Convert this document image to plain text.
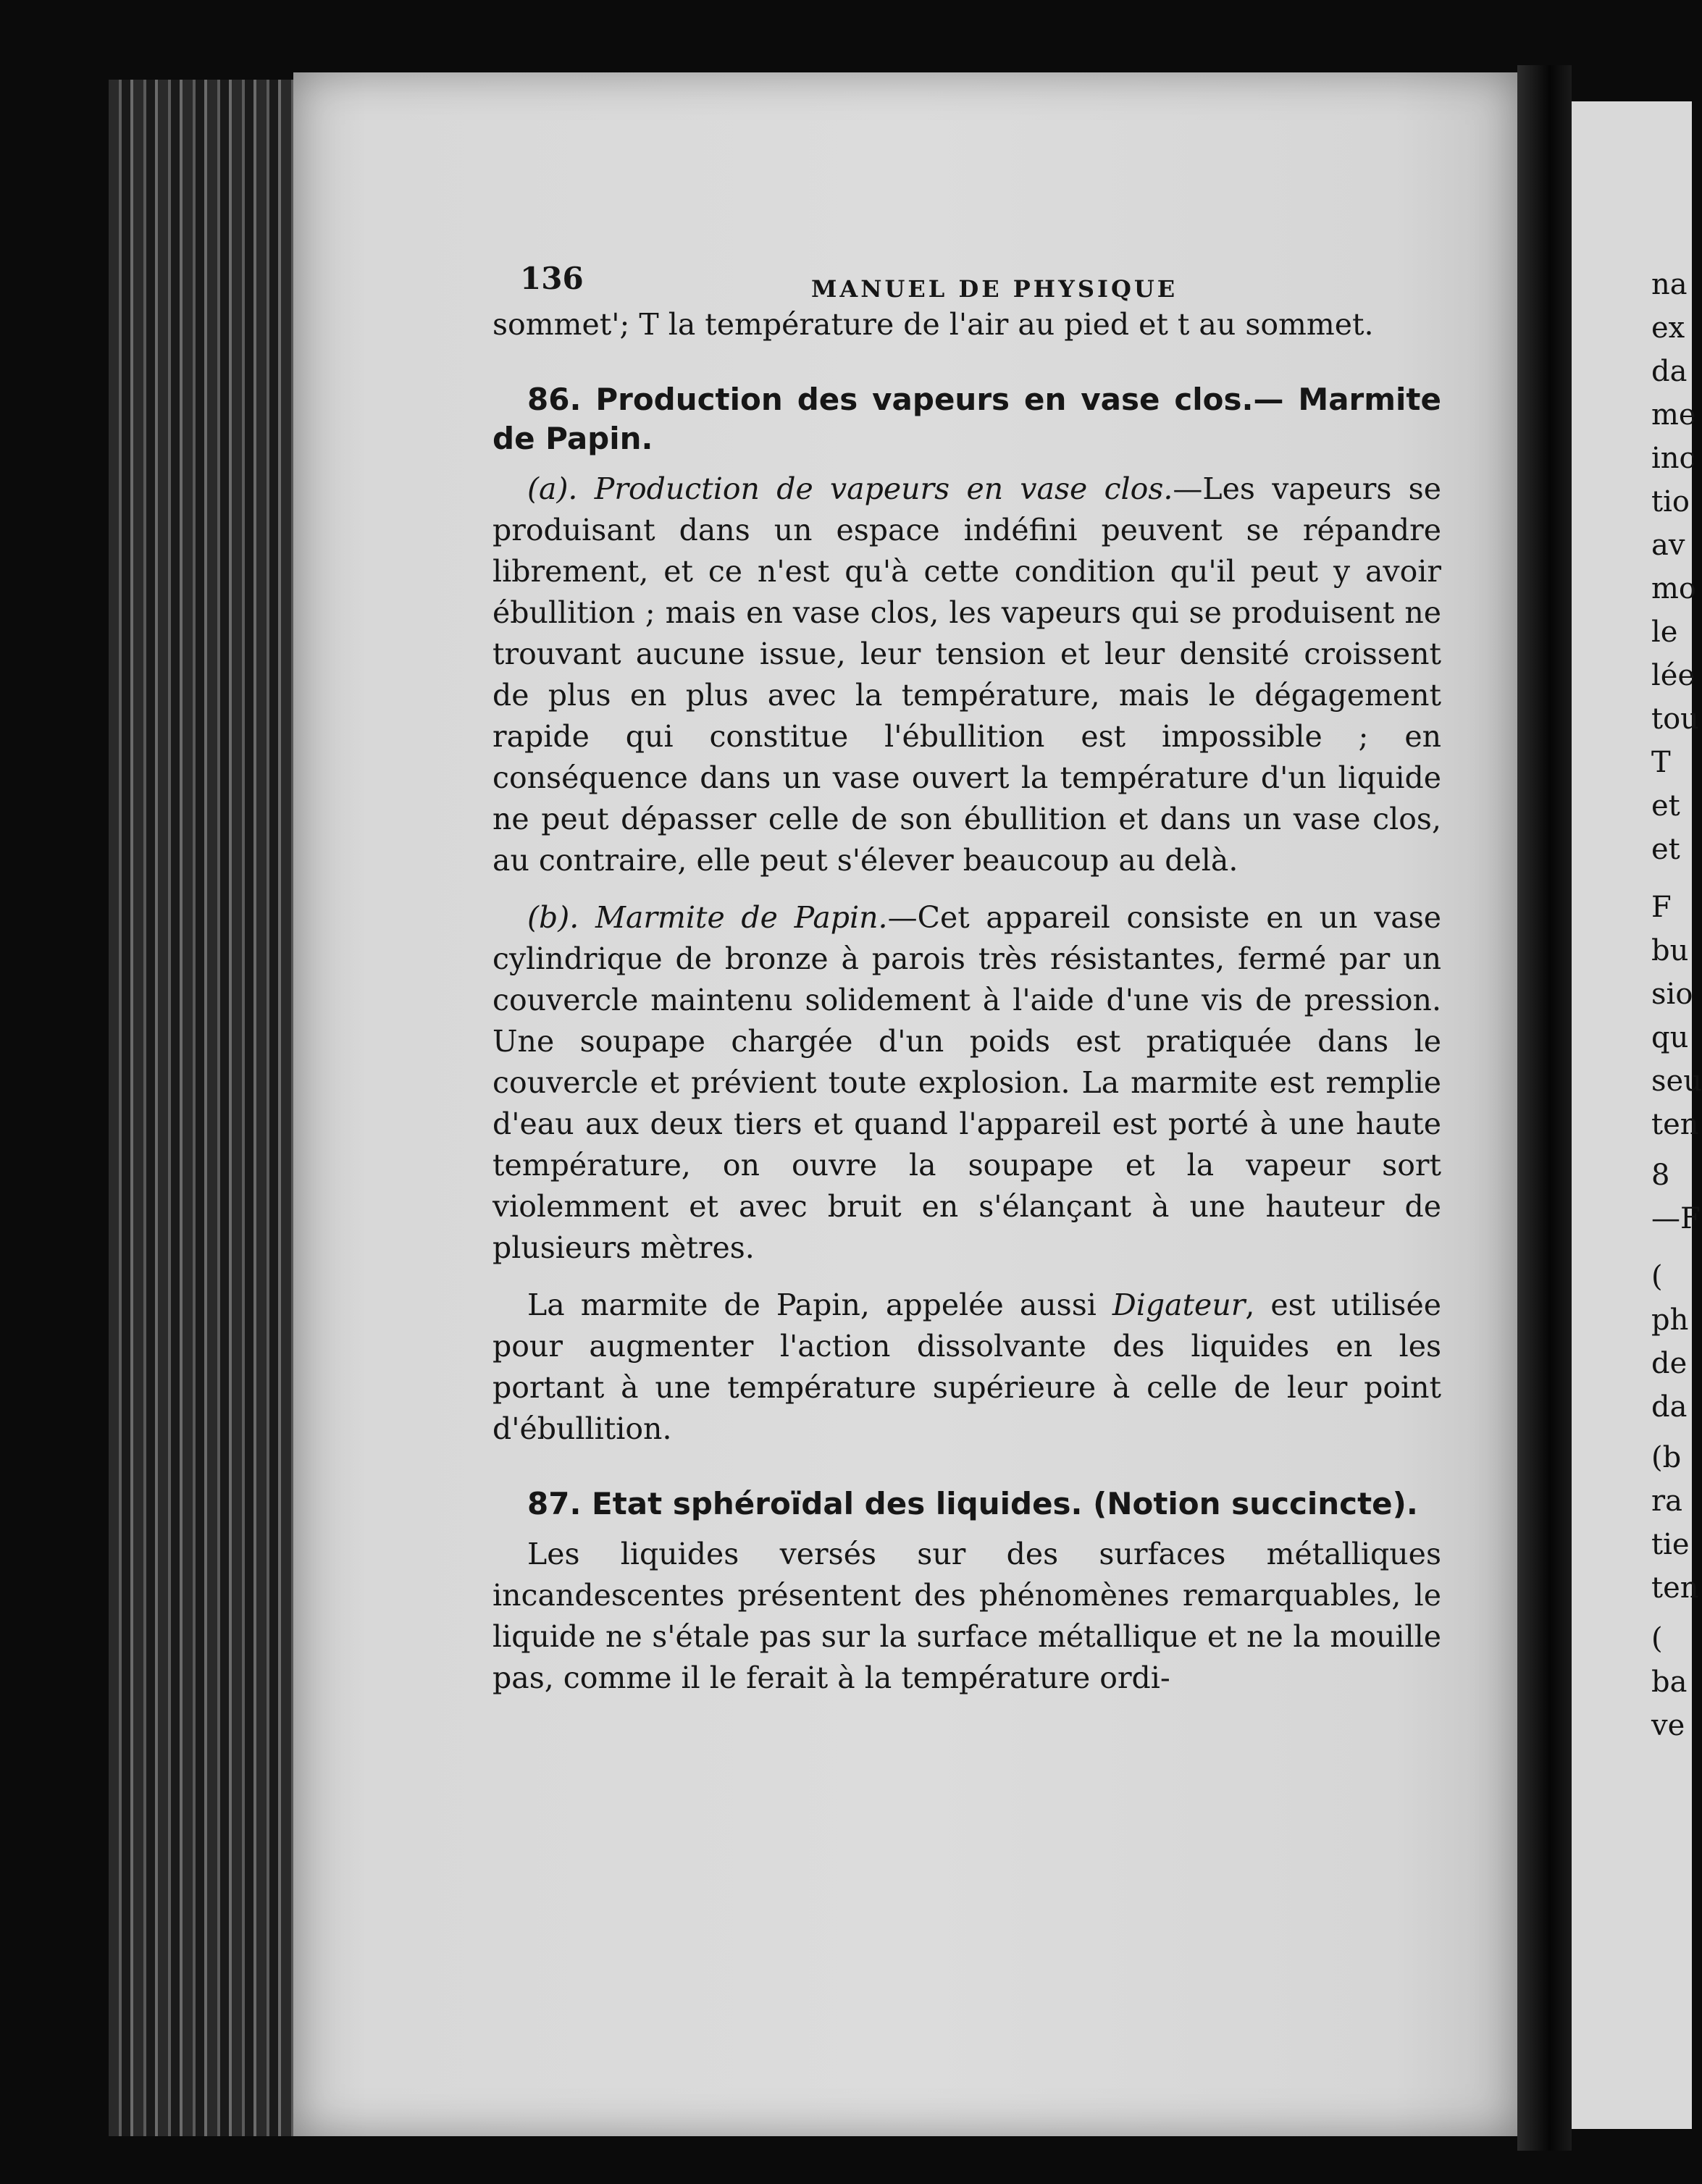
na
ex
da
me
inc
tio
av
mo
le
lée
tou
T
et
et
F
bu
sio
qu
seu
ten
8
—F
(
ph
de
da
(b
ra
tie
ten
(
ba
ve
136	MANUEL DE PHYSIQUE

sommet'; T la température de l'air au pied et t au sommet.

86. Production des vapeurs en vase clos.— Marmite de Papin.

(a). Production de vapeurs en vase clos.—Les vapeurs se produisant dans un espace indéfini peuvent se répandre librement, et ce n'est qu'à cette condition qu'il peut y avoir ébullition ; mais en vase clos, les vapeurs qui se produisent ne trouvant aucune issue, leur tension et leur densité croissent de plus en plus avec la température, mais le dégagement rapide qui constitue l'ébullition est impossible ; en conséquence dans un vase ouvert la température d'un liquide ne peut dépasser celle de son ébullition et dans un vase clos, au contraire, elle peut s'élever beaucoup au delà.

(b). Marmite de Papin.—Cet appareil consiste en un vase cylindrique de bronze à parois très résistantes, fermé par un couvercle maintenu solidement à l'aide d'une vis de pression. Une soupape chargée d'un poids est pratiquée dans le couvercle et prévient toute explosion. La marmite est remplie d'eau aux deux tiers et quand l'appareil est porté à une haute température, on ouvre la soupape et la vapeur sort violemment et avec bruit en s'élançant à une hauteur de plusieurs mètres.

La marmite de Papin, appelée aussi Digateur, est utilisée pour augmenter l'action dissolvante des liquides en les portant à une température supérieure à celle de leur point d'ébullition.

87. Etat sphéroïdal des liquides. (Notion succincte).

Les liquides versés sur des surfaces métalliques incandescentes présentent des phénomènes remarquables, le liquide ne s'étale pas sur la surface métallique et ne la mouille pas, comme il le ferait à la température ordi-
